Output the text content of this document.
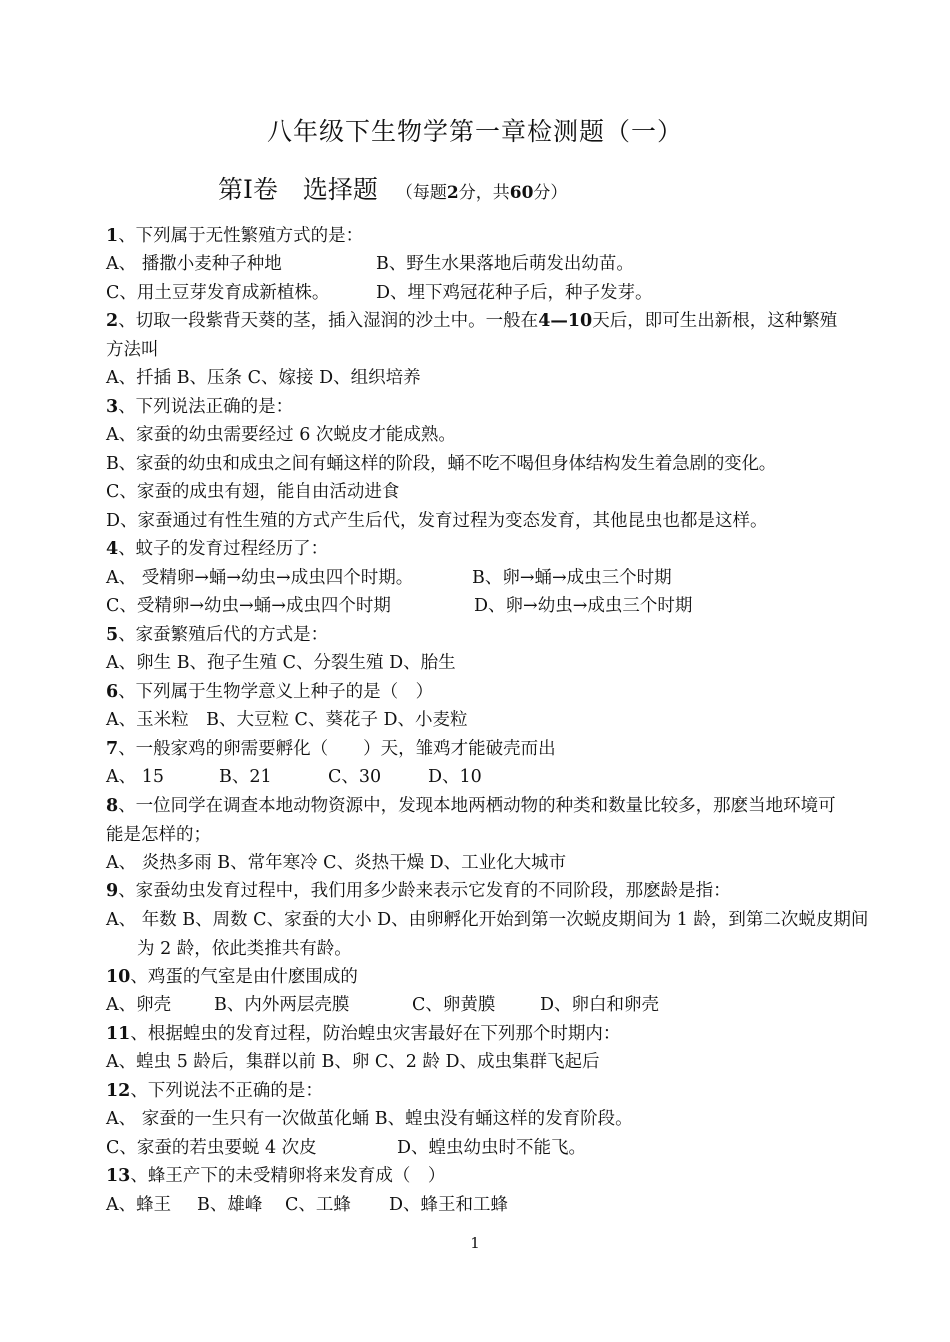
八年级下生物学第一章检测题（一）
第Ⅰ卷　选择题 （每题2分，共60分）
1、下列属于无性繁殖方式的是：
A、 播撒小麦种子种地	B、野生水果落地后萌发出幼苗。
C、用土豆芽发育成新植株。	D、埋下鸡冠花种子后，种子发芽。
2、切取一段紫背天葵的茎，插入湿润的沙土中。一般在4—10天后，即可生出新根，这种繁殖方法叫
A、扦插 B、压条 C、嫁接 D、组织培养
3、下列说法正确的是：
A、家蚕的幼虫需要经过 6 次蜕皮才能成熟。
B、家蚕的幼虫和成虫之间有蛹这样的阶段，蛹不吃不喝但身体结构发生着急剧的变化。
C、家蚕的成虫有翅，能自由活动进食
D、家蚕通过有性生殖的方式产生后代，发育过程为变态发育，其他昆虫也都是这样。
4、蚊子的发育过程经历了：
A、 受精卵→蛹→幼虫→成虫四个时期。	B、卵→蛹→成虫三个时期
C、受精卵→幼虫→蛹→成虫四个时期	D、卵→幼虫→成虫三个时期
5、家蚕繁殖后代的方式是：
A、卵生 B、孢子生殖 C、分裂生殖 D、胎生
6、下列属于生物学意义上种子的是（　）
A、玉米粒　B、大豆粒 C、葵花子 D、小麦粒
7、一般家鸡的卵需要孵化（　　）天，雏鸡才能破壳而出
A、 15	B、21	C、30	D、10
8、一位同学在调查本地动物资源中，发现本地两栖动物的种类和数量比较多，那麽当地环境可能是怎样的；
A、 炎热多雨 B、常年寒冷 C、炎热干燥 D、工业化大城市
9、家蚕幼虫发育过程中，我们用多少龄来表示它发育的不同阶段，那麽龄是指：
A、 年数 B、周数 C、家蚕的大小 D、由卵孵化开始到第一次蜕皮期间为 1 龄，到第二次蜕皮期间为 2 龄，依此类推共有龄。
10、鸡蛋的气室是由什麽围成的
A、卵壳 B、内外两层壳膜	C、卵黄膜	D、卵白和卵壳
11、根据蝗虫的发育过程，防治蝗虫灾害最好在下列那个时期内：
A、蝗虫 5 龄后，集群以前 B、卵 C、2 龄 D、成虫集群飞起后
12、下列说法不正确的是：
A、 家蚕的一生只有一次做茧化蛹 B、蝗虫没有蛹这样的发育阶段。
C、家蚕的若虫要蜕 4 次皮	D、蝗虫幼虫时不能飞。
13、蜂王产下的未受精卵将来发育成（　）
A、蜂王 B、雄峰 C、工蜂 D、蜂王和工蜂
1
